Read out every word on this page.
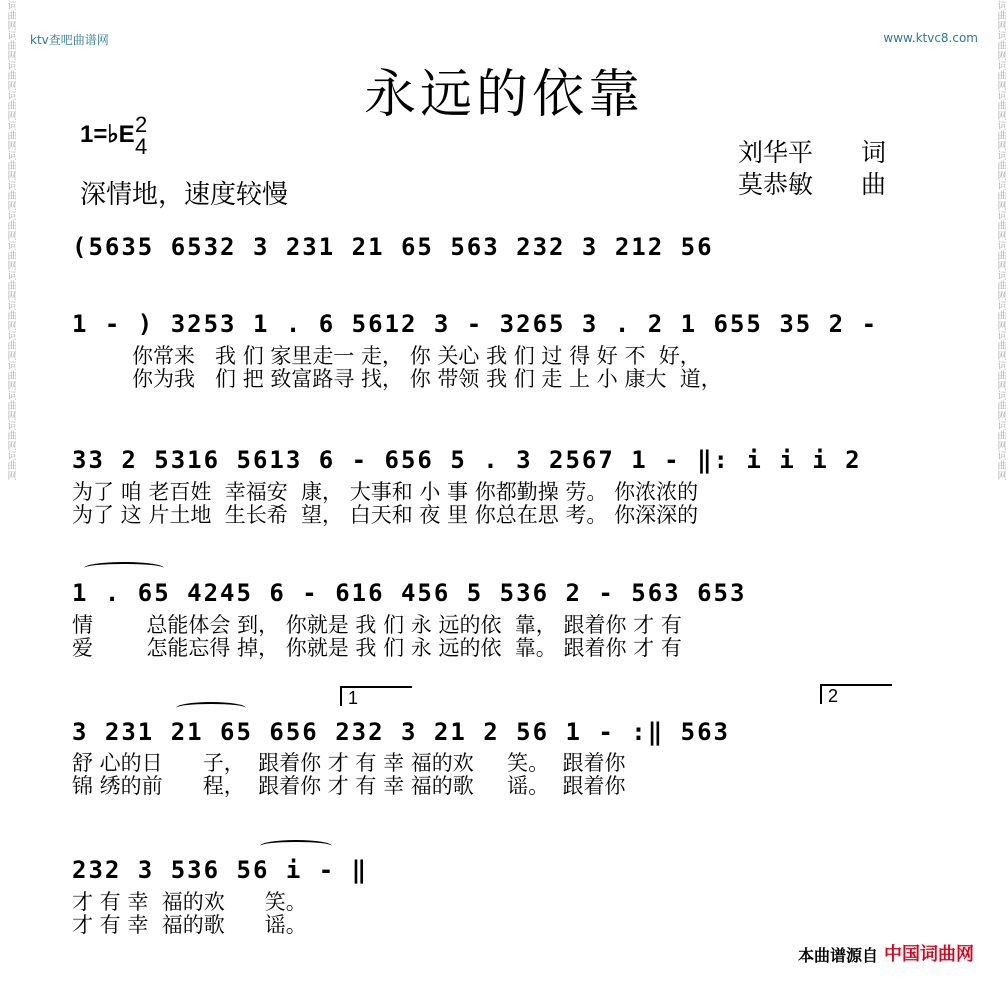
词曲网词曲网词曲网词曲网词曲网词曲网词曲网词曲网词曲网词曲网词曲网词曲网词曲网词曲网词曲网词曲网	词曲网词曲网词曲网词曲网词曲网词曲网词曲网词曲网词曲网词曲网词曲网词曲网词曲网词曲网词曲网词曲网
ktv查吧曲谱网	www.ktvc8.com
永远的依靠
1=♭E 2
4
深情地，速度较慢
刘华平 词
莫恭敏 曲
(5635 6532 3 231 21 65 563 232 3 212 56
1 - ) 3253 1 . 6 5612 3 - 3265 3 . 2 1 655 35 2 -
你常来   我 们 家里走一 走， 你 关心 我 们 过 得 好 不  好，
你为我   们 把 致富路寻 找， 你 带领 我 们 走 上 小 康大  道，
33 2 5316 5613 6 - 656 5 . 3 2567 1 - ‖: i i i 2
为了 咱 老百姓  幸福安  康， 大事和 小 事 你都勤操 劳。 你浓浓的
为了 这 片土地  生长希  望， 白天和 夜 里 你总在思 考。 你深深的
1 . 65 4245 6 - 616 456 5 536 2 - 563 653
情        总能体会 到， 你就是 我 们 永 远的依  靠， 跟着你 才 有
爱        怎能忘得 掉， 你就是 我 们 永 远的依  靠。 跟着你 才 有
1	2
3 231 21 65 656 232 3 21 2 56 1 - :‖ 563
舒 心的日      子，  跟着你 才 有 幸 福的欢     笑。  跟着你
锦 绣的前      程，  跟着你 才 有 幸 福的歌     谣。  跟着你
232 3 536 56 i - ‖
才 有 幸  福的欢      笑。
才 有 幸  福的歌      谣。
本曲谱源自 中国词曲网
